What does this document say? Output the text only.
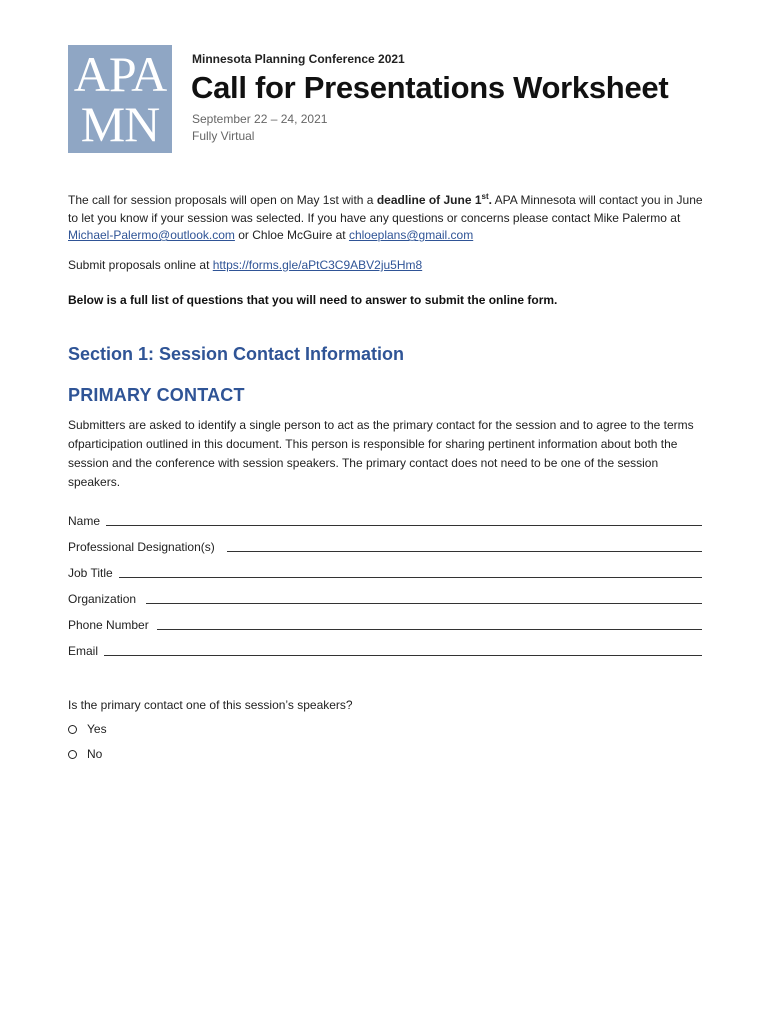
APA
MN
Minnesota Planning Conference 2021
Call for Presentations Worksheet
September 22 – 24, 2021
Fully Virtual
The call for session proposals will open on May 1st with a deadline of June 1st. APA Minnesota will contact you in June to let you know if your session was selected. If you have any questions or concerns please contact Mike Palermo at Michael-Palermo@outlook.com or Chloe McGuire at chloeplans@gmail.com
Submit proposals online at https://forms.gle/aPtC3C9ABV2ju5Hm8
Below is a full list of questions that you will need to answer to submit the online form.
Section 1: Session Contact Information
PRIMARY CONTACT
Submitters are asked to identify a single person to act as the primary contact for the session and to agree to the terms ofparticipation outlined in this document. This person is responsible for sharing pertinent information about both the session and the conference with session speakers. The primary contact does not need to be one of the session speakers.
Name
Professional Designation(s)
Job Title
Organization
Phone Number
Email
Is the primary contact one of this session’s speakers?
Yes
No
